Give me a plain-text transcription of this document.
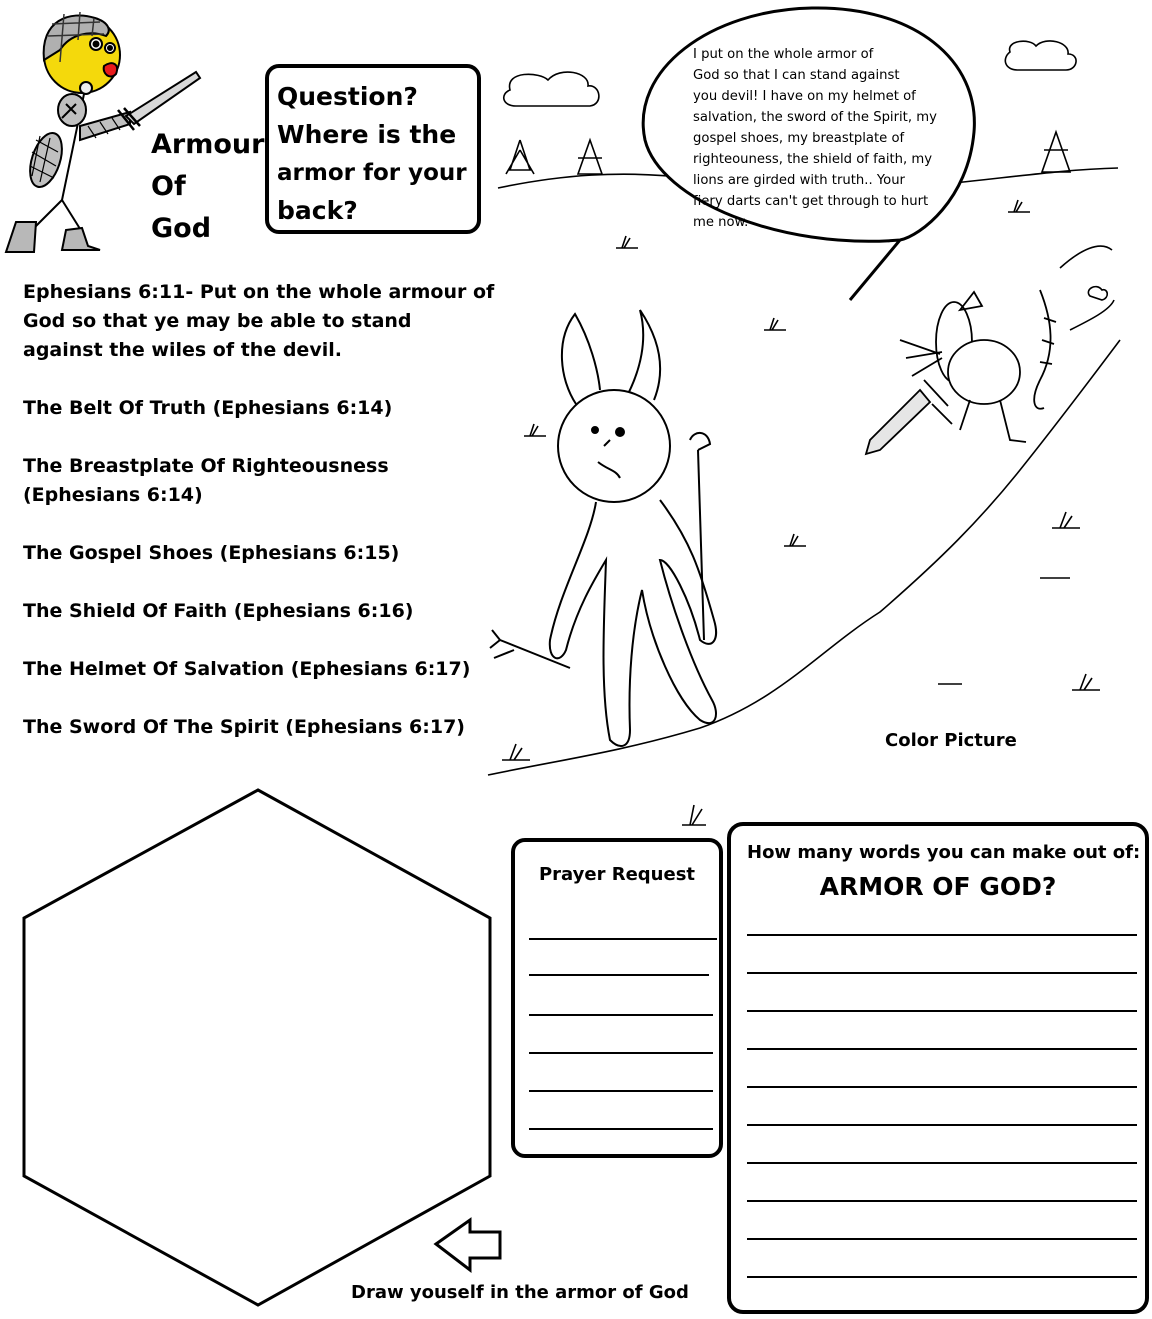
Armour
Of
God
Question?
Where is the
armor for your
back?
I put on the whole armor of
God so that I can stand against
you devil! I have on my helmet of
salvation, the sword of the Spirit, my
gospel shoes, my breastplate of
righteouness, the shield of faith, my
lions are girded with truth.. Your
fiery darts can't get through to hurt
me now.
Ephesians 6:11- Put on the whole armour of
God so that ye may be able to stand
against the wiles of the devil.
The Belt Of Truth (Ephesians 6:14)
The Breastplate Of Righteousness
(Ephesians 6:14)
The Gospel Shoes (Ephesians 6:15)
The Shield Of Faith (Ephesians 6:16)
The Helmet Of Salvation (Ephesians 6:17)
The Sword Of The Spirit (Ephesians 6:17)
Color Picture
Draw youself in the armor of God
Prayer Request
How many words you can make out of:
ARMOR OF GOD?
